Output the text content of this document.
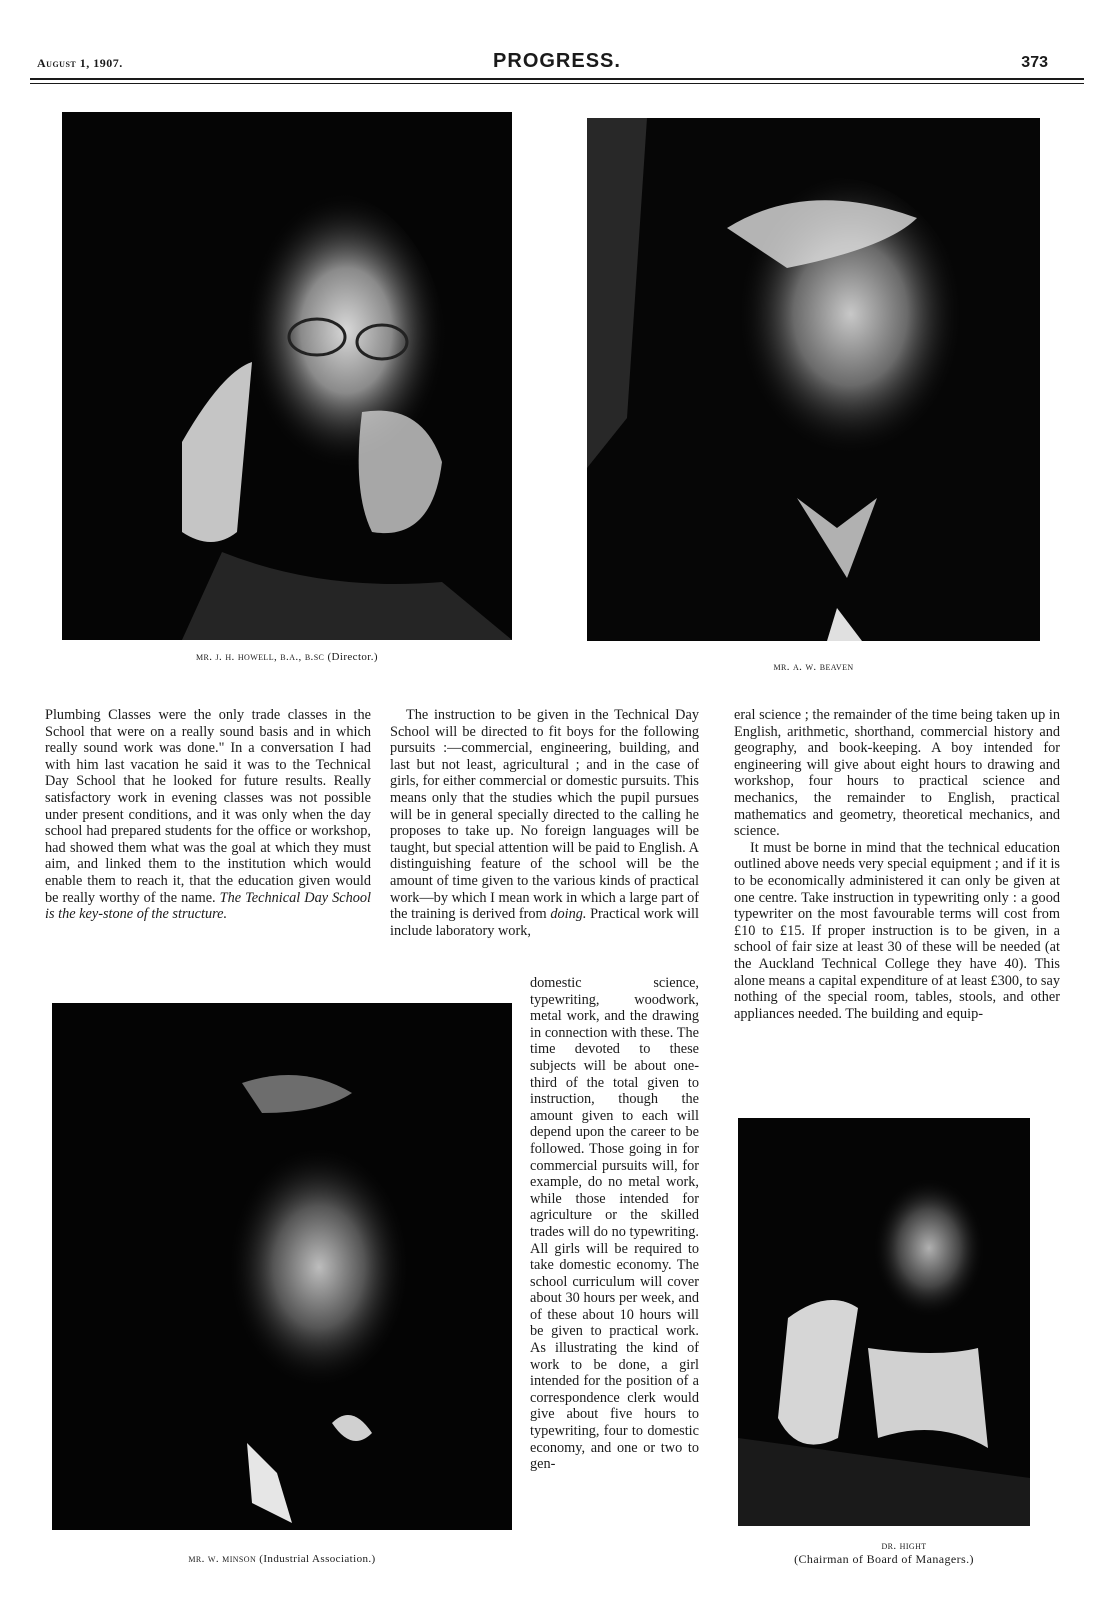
August 1, 1907.	PROGRESS.	373
mr. j. h. howell, b.a., b.sc (Director.)
mr. a. w. beaven

Plumbing Classes were the only trade classes in the School that were on a really sound basis and in which really sound work was done." In a conversation I had with him last vacation he said it was to the Technical Day School that he looked for future results. Really satisfactory work in evening classes was not possible under present conditions, and it was only when the day school had prepared students for the office or workshop, had showed them what was the goal at which they must aim, and linked them to the institution which would enable them to reach it, that the education given would be really worthy of the name. The Technical Day School is the key-stone of the structure.

The instruction to be given in the Technical Day School will be directed to fit boys for the following pursuits :—commercial, engineering, building, and last but not least, agricultural ; and in the case of girls, for either commercial or domestic pursuits. This means only that the studies which the pupil pursues will be in general specially directed to the calling he proposes to take up. No foreign languages will be taught, but special attention will be paid to English. A distinguishing feature of the school will be the amount of time given to the various kinds of practical work—by which I mean work in which a large part of the training is derived from doing. Practical work will include laboratory work,

domestic science, typewriting, woodwork, metal work, and the drawing in connection with these. The time devoted to these subjects will be about one-third of the total given to instruction, though the amount given to each will depend upon the career to be followed. Those going in for commercial pursuits will, for example, do no metal work, while those intended for agriculture or the skilled trades will do no typewriting. All girls will be required to take domestic economy. The school curriculum will cover about 30 hours per week, and of these about 10 hours will be given to practical work. As illustrating the kind of work to be done, a girl intended for the position of a correspondence clerk would give about five hours to typewriting, four to domestic economy, and one or two to gen-

eral science ; the remainder of the time being taken up in English, arithmetic, shorthand, commercial history and geography, and book-keeping. A boy intended for engineering will give about eight hours to drawing and workshop, four hours to practical science and mechanics, the remainder to English, practical mathematics and geometry, theoretical mechanics, and science.

It must be borne in mind that the technical education outlined above needs very special equipment ; and if it is to be economically administered it can only be given at one centre. Take instruction in typewriting only : a good typewriter on the most favourable terms will cost from £10 to £15. If proper instruction is to be given, in a school of fair size at least 30 of these will be needed (at the Auckland Technical College they have 40). This alone means a capital expenditure of at least £300, to say nothing of the special room, tables, stools, and other appliances needed. The building and equip-

mr. w. minson (Industrial Association.)
dr. hight
(Chairman of Board of Managers.)
